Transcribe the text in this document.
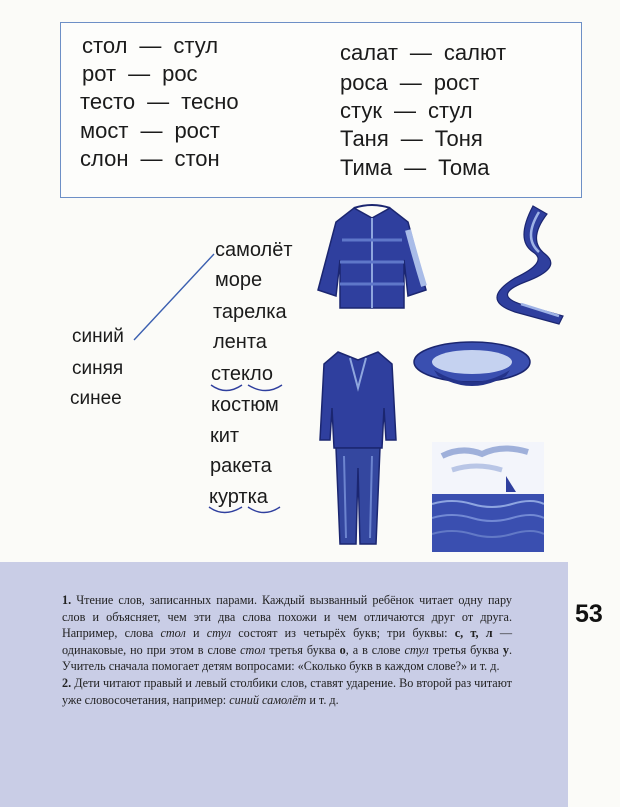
стол — стул
рот — рос
тесто — тесно
мост — рост
слон — стон
салат — салют
роса — рост
стук — стул
Таня — Тоня
Тима — Тома
синий
синяя
синее
самолёт
море
тарелка
лента
стекло
костюм
кит
ракета
куртка

1. Чтение слов, записанных парами. Каждый вызванный ребёнок читает одну пару слов и объясняет, чем эти два слова похожи и чем отличаются друг от друга. Например, слова стол и стул состоят из четырёх букв; три буквы: с, т, л — одинаковые, но при этом в слове стол третья буква о, а в слове стул третья буква у. Учитель сначала помогает детям вопросами: «Сколько букв в каждом слове?» и т. д.

2. Дети читают правый и левый столбики слов, ставят ударение. Во второй раз читают уже словосочетания, например: синий самолёт и т. д.

53
